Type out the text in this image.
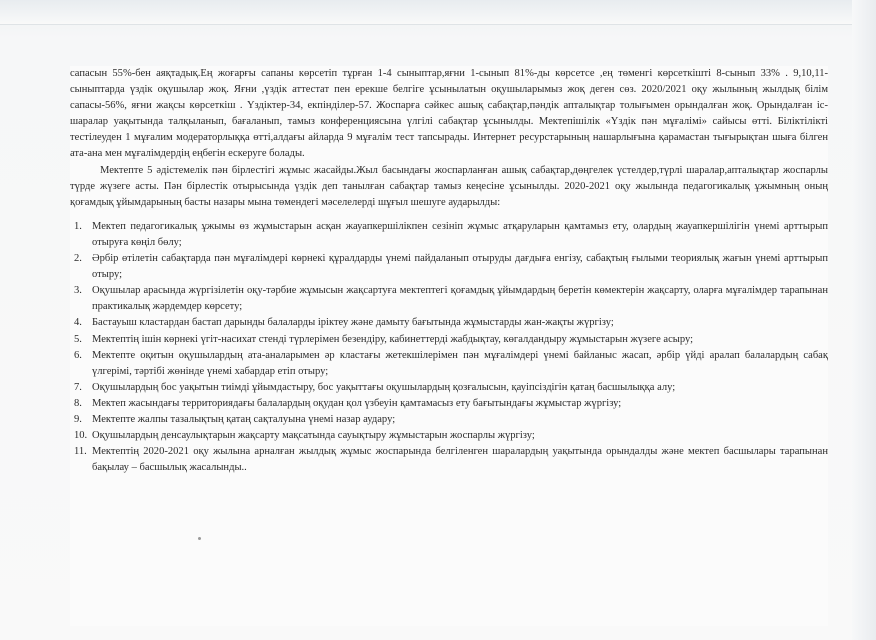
сапасын 55%-бен аяқтадық.Ең жоғарғы сапаны көрсетіп тұрған 1-4 сыныптар,яғни 1-сынып 81%-ды көрсетсе ,ең төменгі көрсеткішті 8-сынып 33% . 9,10,11-сыныптарда үздік оқушылар жоқ. Яғни ,үздік аттестат пен ерекше белгіге ұсынылатын оқушыларымыз жоқ деген сөз. 2020/2021 оқу жылының жылдық білім сапасы-56%, яғни жақсы көрсеткіш . Үздіктер-34, екпінділер-57. Жоспарға сәйкес ашық сабақтар,пәндік апталықтар толығымен орындалған жоқ. Орындалған іс-шаралар уақытында талқыланып, бағаланып, тамыз конференциясына үлгілі сабақтар ұсынылды. Мектепішілік «Үздік пән мұғалімі» сайысы өтті. Біліктілікті тестілеуден 1 мұғалим модераторлыққа өтті,алдағы айларда 9 мұғалім тест тапсырады. Интернет ресурстарының нашарлығына қарамастан тығырықтан шыға білген ата-ана мен мұғалімдердің еңбегін ескеруге болады.

Мектепте 5 әдістемелік пән бірлестігі жұмыс жасайды.Жыл басындағы жоспарланған ашық сабақтар,дөңгелек үстелдер,түрлі шаралар,апталықтар жоспарлы түрде жүзеге асты. Пән бірлестік отырысында үздік деп танылған сабақтар тамыз кеңесіне ұсынылды. 2020-2021 оқу жылында педагогикалық ұжымның оның қоғамдық ұйымдарының басты назары мына төмендегі мәселелерді шұғыл шешуге аударылды:

1. Мектеп педагогикалық ұжымы өз жұмыстарын асқан жауапкершілікпен сезініп жұмыс атқаруларын қамтамыз ету, олардың жауапкершілігін үнемі арттырып отыруға көңіл бөлу;
2. Әрбір өтілетін сабақтарда пән мұғалімдері көрнекі құралдарды үнемі пайдаланып отыруды дағдыға енгізу, сабақтың ғылыми теориялық жағын үнемі арттырып отыру;
3. Оқушылар арасында жүргізілетін оқу-тәрбие жұмысын жақсартуға мектептегі қоғамдық ұйымдардың беретін көмектерін жақсарту, оларға мұғалімдер тарапынан практикалық жәрдемдер көрсету;
4. Бастауыш кластардан бастап дарынды балаларды іріктеу және дамыту бағытында жұмыстарды жан-жақты жүргізу;
5. Мектептің ішін көрнекі үгіт-насихат стенді түрлерімен безендіру, кабинеттерді жабдықтау, көгалдандыру жұмыстарын жүзеге асыру;
6. Мектепте оқитын оқушылардың ата-аналарымен әр кластағы жетекшілерімен пән мұғалімдері үнемі байланыс жасап, әрбір үйді аралап балалардың сабақ үлгерімі, тәртібі жөнінде үнемі хабардар етіп отыру;
7. Оқушылардың бос уақытын тиімді ұйымдастыру, бос уақыттағы оқушылардың қозғалысын, қауіпсіздігін қатаң басшылыққа алу;
8. Мектеп жасындағы территориядағы балалардың оқудан қол үзбеуін қамтамасыз ету бағытындағы жұмыстар жүргізу;
9. Мектепте жалпы тазалықтың қатаң сақталуына үнемі назар аудару;
10. Оқушылардың денсаулықтарын жақсарту мақсатында сауықтыру жұмыстарын жоспарлы жүргізу;
11. Мектептің 2020-2021 оқу жылына арналған жылдық жұмыс жоспарында белгіленген шаралардың уақытында орындалды және мектеп басшылары тарапынан бақылау – басшылық жасалынды..
